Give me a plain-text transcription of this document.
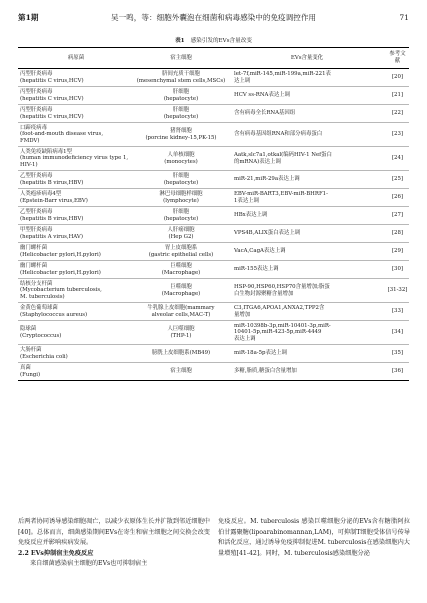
第1期	吴一鸣，等：细胞外囊泡在细菌和病毒感染中的免疫调控作用	71
表1 感染引发的EVs含量改变
病原菌	宿主细胞	EVs含量变化	参考文献

丙型肝炎病毒
(hepatitis C virus,HCV)	脐间充质干细胞
(mesenchymal stem cells,MSCs)	let-7f,miR-145,miR-199a,miR-221表
达上调	[20]

丙型肝炎病毒
(hepatitis C virus,HCV)	肝细胞
(hepatocyte)	HCV ss-RNA表达上调	[21]

丙型肝炎病毒
(hepatitis C virus,HCV)	肝细胞
(hepatocyte)	含有病毒全长RNA基因组	[22]

口蹄疫病毒
(foot-and-mouth disease virus,
FMDV)	猪肾细胞
(porcine kidney-15,PK-15)	含有病毒基因组RNA和部分病毒蛋白	[23]

人类免疫缺陷病毒1型
(human immunodeficiency virus type 1,
HIV-1)	人单核细胞
(monocytes)	Aatk,slc7a1,otkal(编码HIV-1 Nef蛋白
的mRNA)表达上调	[24]

乙型肝炎病毒
(hepatitis B virus,HBV)	肝细胞
(hepatocyte)	miR-21,miR-29a表达上调	[25]

人类疱疹病毒4型
(Epstein-Barr virus,EBV)	淋巴母细胞样细胞
(lymphocyte)	EBV-miR-BART3,EBV-miR-BHRF1-
1表达上调	[26]

乙型肝炎病毒
(hepatitis B virus,HBV)	肝细胞
(hepatocyte)	HBx表达上调	[27]

甲型肝炎病毒
(hepatitis A virus,HAV)	人肝癌细胞
(Hep G2)	VPS4B,ALIX蛋白表达上调	[28]

幽门螺杆菌
(Helicobacter pylori,H.pylori)	胃上皮细胞系
(gastric epithelial cells)	VacA,CagA表达上调	[29]

幽门螺杆菌
(Helicobacter pylori,H.pylori)	巨噬细胞
(Macrophage)	miR-155表达上调	[30]

结核分支杆菌
(Mycobacterium tuberculosis,
M. tuberculosis)	巨噬细胞
(Macrophage)	HSP-90,HSP60,HSP70含量增加;脂蛋
白生物封源聚糖含量增加	[31-32]

金黄色葡萄球菌
(Staphylococcus aureus)	牛乳腺上皮细胞(mammary
alveolar cells,MAC-T)	C3,ITGA6,APOA1,ANXA2,TPP2含
量增加	[33]

隐球菌
(Cryptococcus)	人巨噬细胞
(THP-1)	miR-10398b-3p,miR-10401-3p,miR-
10401-5p,miR-423-5p,miR-4449
表达上调	[34]

大肠杆菌
(Escherichia coli)	膀胱上皮细胞系(MB49)	miR-18a-5p表达上调	[35]

真菌
(Fungi)	宿主细胞	多糖,脂质,糖蛋白含量增加	[36]

后两者协同诱导感染细胞凋亡，以减少衣原体生长并扩散到邻近细胞中[40]。总体而言，细菌感染期间EVs在寄生和宿主细胞之间交换会改变免疫反应并影响疾病发展。

2.2 EVs抑制宿主免疫反应

来自细菌感染宿主细胞的EVs也可抑制宿主

免疫反应。M. tuberculosis 感染巨噬细胞分泌的EVs含有糖脂阿拉伯甘露聚糖(lipoarabinomannan,LAM)，可抑制T细胞受体信号传导和活化反应，通过诱导免疫抑制促进M. tuberculosis在感染细胞内大量增殖[41-42]。同时，M. tuberculosis感染细胞分泌
